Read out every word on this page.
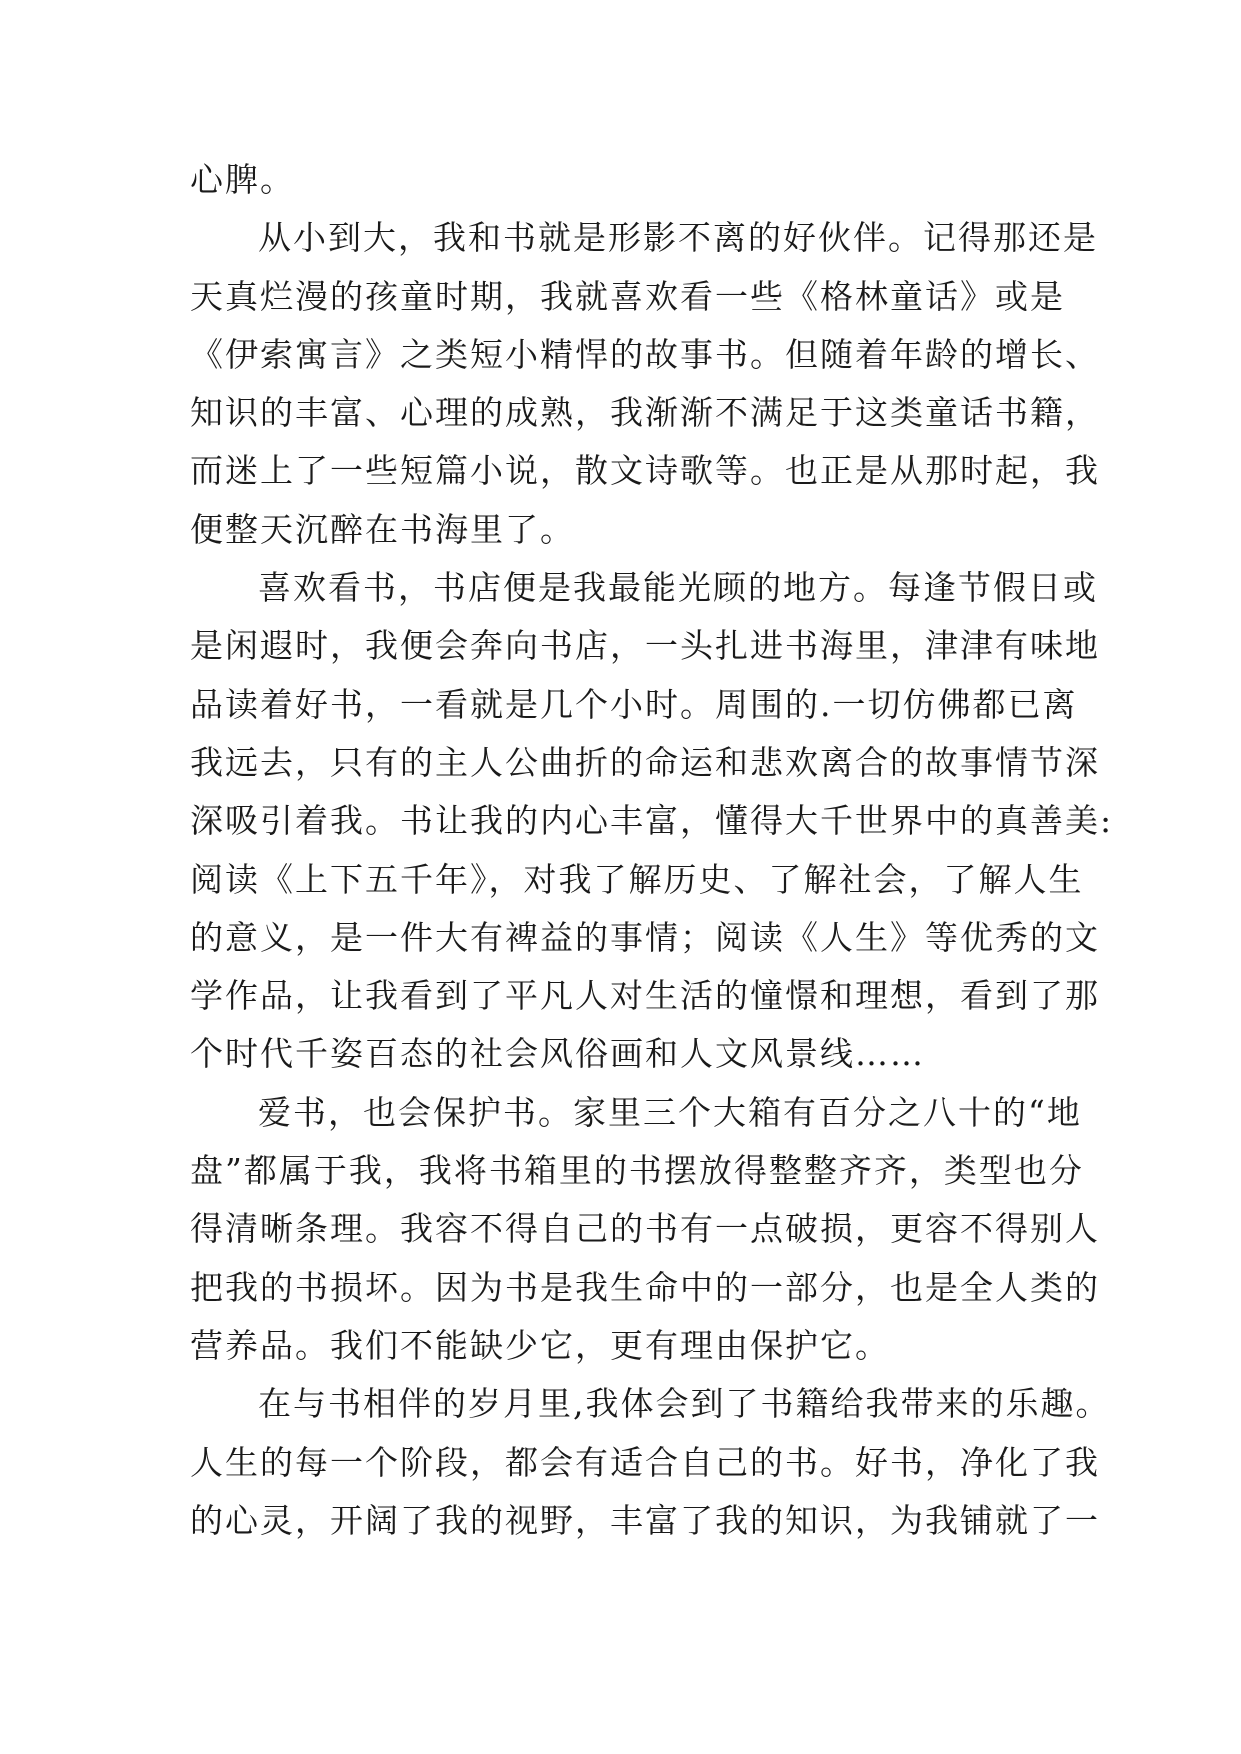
心脾。
从小到大，我和书就是形影不离的好伙伴。记得那还是
天真烂漫的孩童时期，我就喜欢看一些《格林童话》或是
《伊索寓言》之类短小精悍的故事书。但随着年龄的增长、
知识的丰富、心理的成熟，我渐渐不满足于这类童话书籍，
而迷上了一些短篇小说，散文诗歌等。也正是从那时起，我
便整天沉醉在书海里了。
喜欢看书，书店便是我最能光顾的地方。每逢节假日或
是闲遐时，我便会奔向书店，一头扎进书海里，津津有味地
品读着好书，一看就是几个小时。周围的.一切仿佛都已离
我远去，只有的主人公曲折的命运和悲欢离合的故事情节深
深吸引着我。书让我的内心丰富，懂得大千世界中的真善美:
阅读《上下五千年》，对我了解历史、了解社会，了解人生
的意义，是一件大有裨益的事情；阅读《人生》等优秀的文
学作品，让我看到了平凡人对生活的憧憬和理想，看到了那
个时代千姿百态的社会风俗画和人文风景线……
爱书，也会保护书。家里三个大箱有百分之八十的“地
盘”都属于我，我将书箱里的书摆放得整整齐齐，类型也分
得清晰条理。我容不得自己的书有一点破损，更容不得别人
把我的书损坏。因为书是我生命中的一部分，也是全人类的
营养品。我们不能缺少它，更有理由保护它。
在与书相伴的岁月里,我体会到了书籍给我带来的乐趣。
人生的每一个阶段，都会有适合自己的书。好书，净化了我
的心灵，开阔了我的视野，丰富了我的知识，为我铺就了一
